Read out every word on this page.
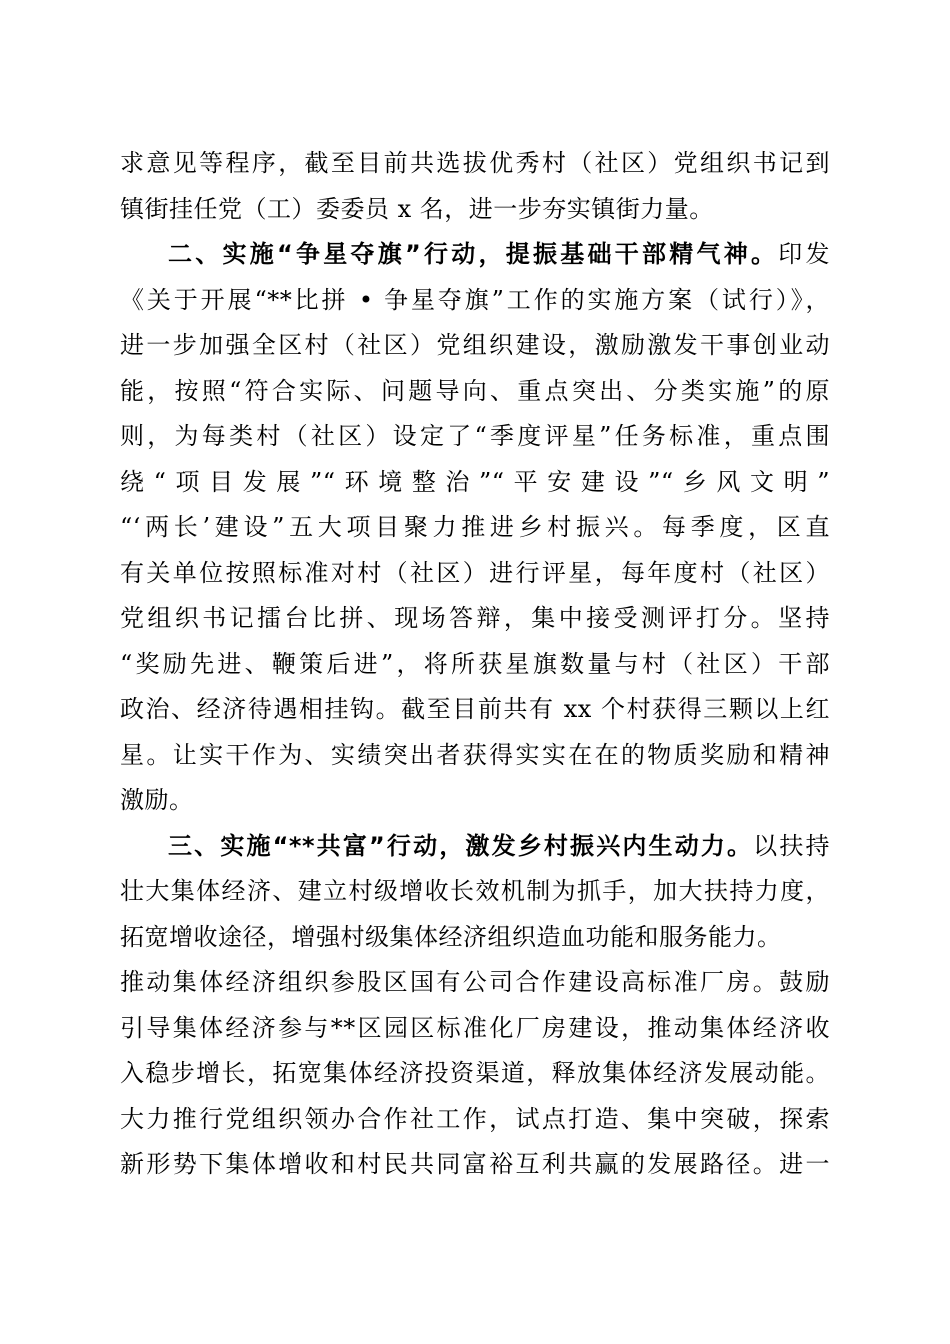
求意见等程序，截至目前共选拔优秀村（社区）党组织书记到
镇街挂任党（工）委委员 x 名，进一步夯实镇街力量。
二、实施“争星夺旗”行动，提振基础干部精气神。印发
《关于开展“**比拼 • 争星夺旗”工作的实施方案（试行）》，
进一步加强全区村（社区）党组织建设，激励激发干事创业动
能，按照“符合实际、问题导向、重点突出、分类实施”的原
则，为每类村（社区）设定了“季度评星”任务标准，重点围
绕“项目发展”“环境整治”“平安建设”“乡风文明”
“‘两长’建设”五大项目聚力推进乡村振兴。每季度，区直
有关单位按照标准对村（社区）进行评星，每年度村（社区）
党组织书记擂台比拼、现场答辩，集中接受测评打分。坚持
“奖励先进、鞭策后进”，将所获星旗数量与村（社区）干部
政治、经济待遇相挂钩。截至目前共有 xx 个村获得三颗以上红
星。让实干作为、实绩突出者获得实实在在的物质奖励和精神
激励。
三、实施“**共富”行动，激发乡村振兴内生动力。以扶持
壮大集体经济、建立村级增收长效机制为抓手，加大扶持力度，
拓宽增收途径，增强村级集体经济组织造血功能和服务能力。
推动集体经济组织参股区国有公司合作建设高标准厂房。鼓励
引导集体经济参与**区园区标准化厂房建设，推动集体经济收
入稳步增长，拓宽集体经济投资渠道，释放集体经济发展动能。
大力推行党组织领办合作社工作，试点打造、集中突破，探索
新形势下集体增收和村民共同富裕互利共赢的发展路径。进一
